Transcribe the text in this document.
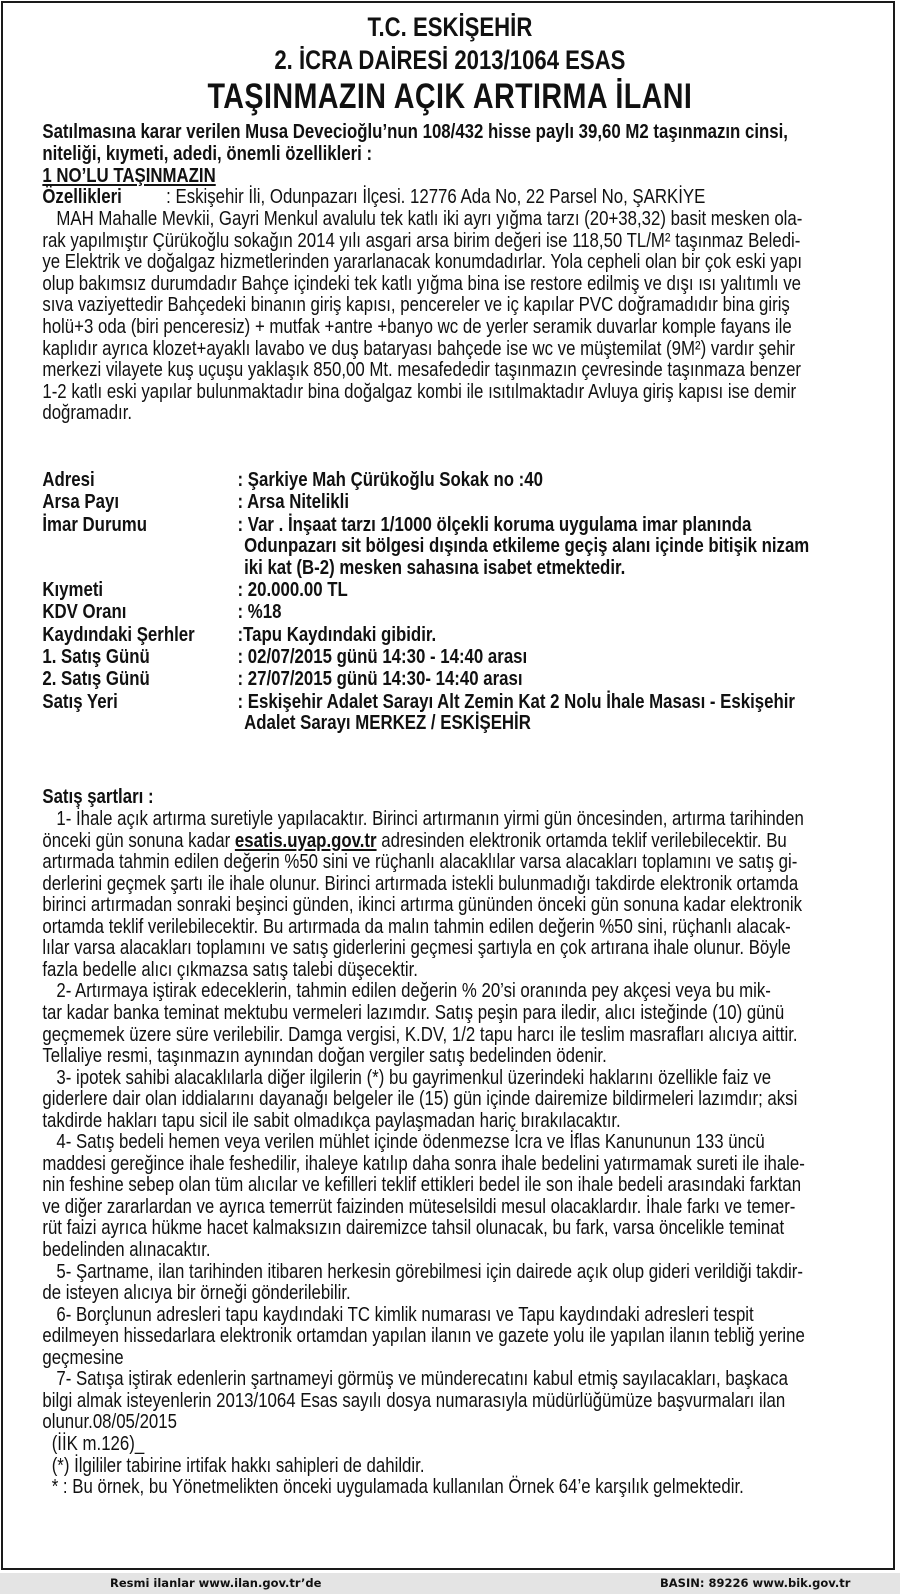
T.C. ESKİŞEHİR
2. İCRA DAİRESİ 2013/1064 ESAS
TAŞINMAZIN AÇIK ARTIRMA İLANI
Satılmasına karar verilen Musa Devecioğlu’nun 108/432 hisse paylı 39,60 M2 taşınmazın cinsi,
niteliği, kıymeti, adedi, önemli özellikleri :
1 NO’LU TAŞINMAZIN
Özellikleri : Eskişehir İli, Odunpazarı İlçesi. 12776 Ada No, 22 Parsel No, ŞARKİYE
MAH Mahalle Mevkii, Gayri Menkul avalulu tek katlı iki ayrı yığma tarzı (20+38,32) basit mesken ola-
rak yapılmıştır Çürükoğlu sokağın 2014 yılı asgari arsa birim değeri ise 118,50 TL/M² taşınmaz Beledi-
ye Elektrik ve doğalgaz hizmetlerinden yararlanacak konumdadırlar. Yola cepheli olan bir çok eski yapı
olup bakımsız durumdadır Bahçe içindeki tek katlı yığma bina ise restore edilmiş ve dışı ısı yalıtımlı ve
sıva vaziyettedir Bahçedeki binanın giriş kapısı, pencereler ve iç kapılar PVC doğramadıdır bina giriş
holü+3 oda (biri penceresiz) + mutfak +antre +banyo wc de yerler seramik duvarlar komple fayans ile
kaplıdır ayrıca klozet+ayaklı lavabo ve duş bataryası bahçede ise wc ve müştemilat (9M²) vardır şehir
merkezi vilayete kuş uçuşu yaklaşık 850,00 Mt. mesafededir taşınmazın çevresinde taşınmaza benzer
1-2 katlı eski yapılar bulunmaktadır bina doğalgaz kombi ile ısıtılmaktadır Avluya giriş kapısı ise demir
doğramadır.
Adresi	: Şarkiye Mah Çürükoğlu Sokak no :40
Arsa Payı	: Arsa Nitelikli
İmar Durumu	: Var . İnşaat tarzı 1/1000 ölçekli koruma uygulama imar planında
Odunpazarı sit bölgesi dışında etkileme geçiş alanı içinde bitişik nizam
iki kat (B-2) mesken sahasına isabet etmektedir.
Kıymeti	: 20.000.00 TL
KDV Oranı	: %18
Kaydındaki Şerhler :Tapu Kaydındaki gibidir.
1. Satış Günü	: 02/07/2015 günü 14:30 - 14:40 arası
2. Satış Günü	: 27/07/2015 günü 14:30- 14:40 arası
Satış Yeri	: Eskişehir Adalet Sarayı Alt Zemin Kat 2 Nolu İhale Masası - Eskişehir
Adalet Sarayı MERKEZ / ESKİŞEHİR
Satış şartları :
1- İhale açık artırma suretiyle yapılacaktır. Birinci artırmanın yirmi gün öncesinden, artırma tarihinden
önceki gün sonuna kadar esatis.uyap.gov.tr adresinden elektronik ortamda teklif verilebilecektir. Bu
artırmada tahmin edilen değerin %50 sini ve rüçhanlı alacaklılar varsa alacakları toplamını ve satış gi-
derlerini geçmek şartı ile ihale olunur. Birinci artırmada istekli bulunmadığı takdirde elektronik ortamda
birinci artırmadan sonraki beşinci günden, ikinci artırma gününden önceki gün sonuna kadar elektronik
ortamda teklif verilebilecektir. Bu artırmada da malın tahmin edilen değerin %50 sini, rüçhanlı alacak-
lılar varsa alacakları toplamını ve satış giderlerini geçmesi şartıyla en çok artırana ihale olunur. Böyle
fazla bedelle alıcı çıkmazsa satış talebi düşecektir.
2- Artırmaya iştirak edeceklerin, tahmin edilen değerin % 20’si oranında pey akçesi veya bu mik-
tar kadar banka teminat mektubu vermeleri lazımdır. Satış peşin para iledir, alıcı isteğinde (10) günü
geçmemek üzere süre verilebilir. Damga vergisi, K.DV, 1/2 tapu harcı ile teslim masrafları alıcıya aittir.
Tellaliye resmi, taşınmazın aynından doğan vergiler satış bedelinden ödenir.
3- ipotek sahibi alacaklılarla diğer ilgilerin (*) bu gayrimenkul üzerindeki haklarını özellikle faiz ve
giderlere dair olan iddialarını dayanağı belgeler ile (15) gün içinde dairemize bildirmeleri lazımdır; aksi
takdirde hakları tapu sicil ile sabit olmadıkça paylaşmadan hariç bırakılacaktır.
4- Satış bedeli hemen veya verilen mühlet içinde ödenmezse İcra ve İflas Kanununun 133 üncü
maddesi gereğince ihale feshedilir, ihaleye katılıp daha sonra ihale bedelini yatırmamak sureti ile ihale-
nin feshine sebep olan tüm alıcılar ve kefilleri teklif ettikleri bedel ile son ihale bedeli arasındaki farktan
ve diğer zararlardan ve ayrıca temerrüt faizinden müteselsildi mesul olacaklardır. İhale farkı ve temer-
rüt faizi ayrıca hükme hacet kalmaksızın dairemizce tahsil olunacak, bu fark, varsa öncelikle teminat
bedelinden alınacaktır.
5- Şartname, ilan tarihinden itibaren herkesin görebilmesi için dairede açık olup gideri verildiği takdir-
de isteyen alıcıya bir örneği gönderilebilir.
6- Borçlunun adresleri tapu kaydındaki TC kimlik numarası ve Tapu kaydındaki adresleri tespit
edilmeyen hissedarlara elektronik ortamdan yapılan ilanın ve gazete yolu ile yapılan ilanın tebliğ yerine
geçmesine
7- Satışa iştirak edenlerin şartnameyi görmüş ve münderecatını kabul etmiş sayılacakları, başkaca
bilgi almak isteyenlerin 2013/1064 Esas sayılı dosya numarasıyla müdürlüğümüze başvurmaları ilan
olunur.08/05/2015
(İİK m.126)_
(*) İlgililer tabirine irtifak hakkı sahipleri de dahildir.
* : Bu örnek, bu Yönetmelikten önceki uygulamada kullanılan Örnek 64’e karşılık gelmektedir.
Resmi ilanlar www.ilan.gov.tr’de	BASIN: 89226 www.bik.gov.tr
